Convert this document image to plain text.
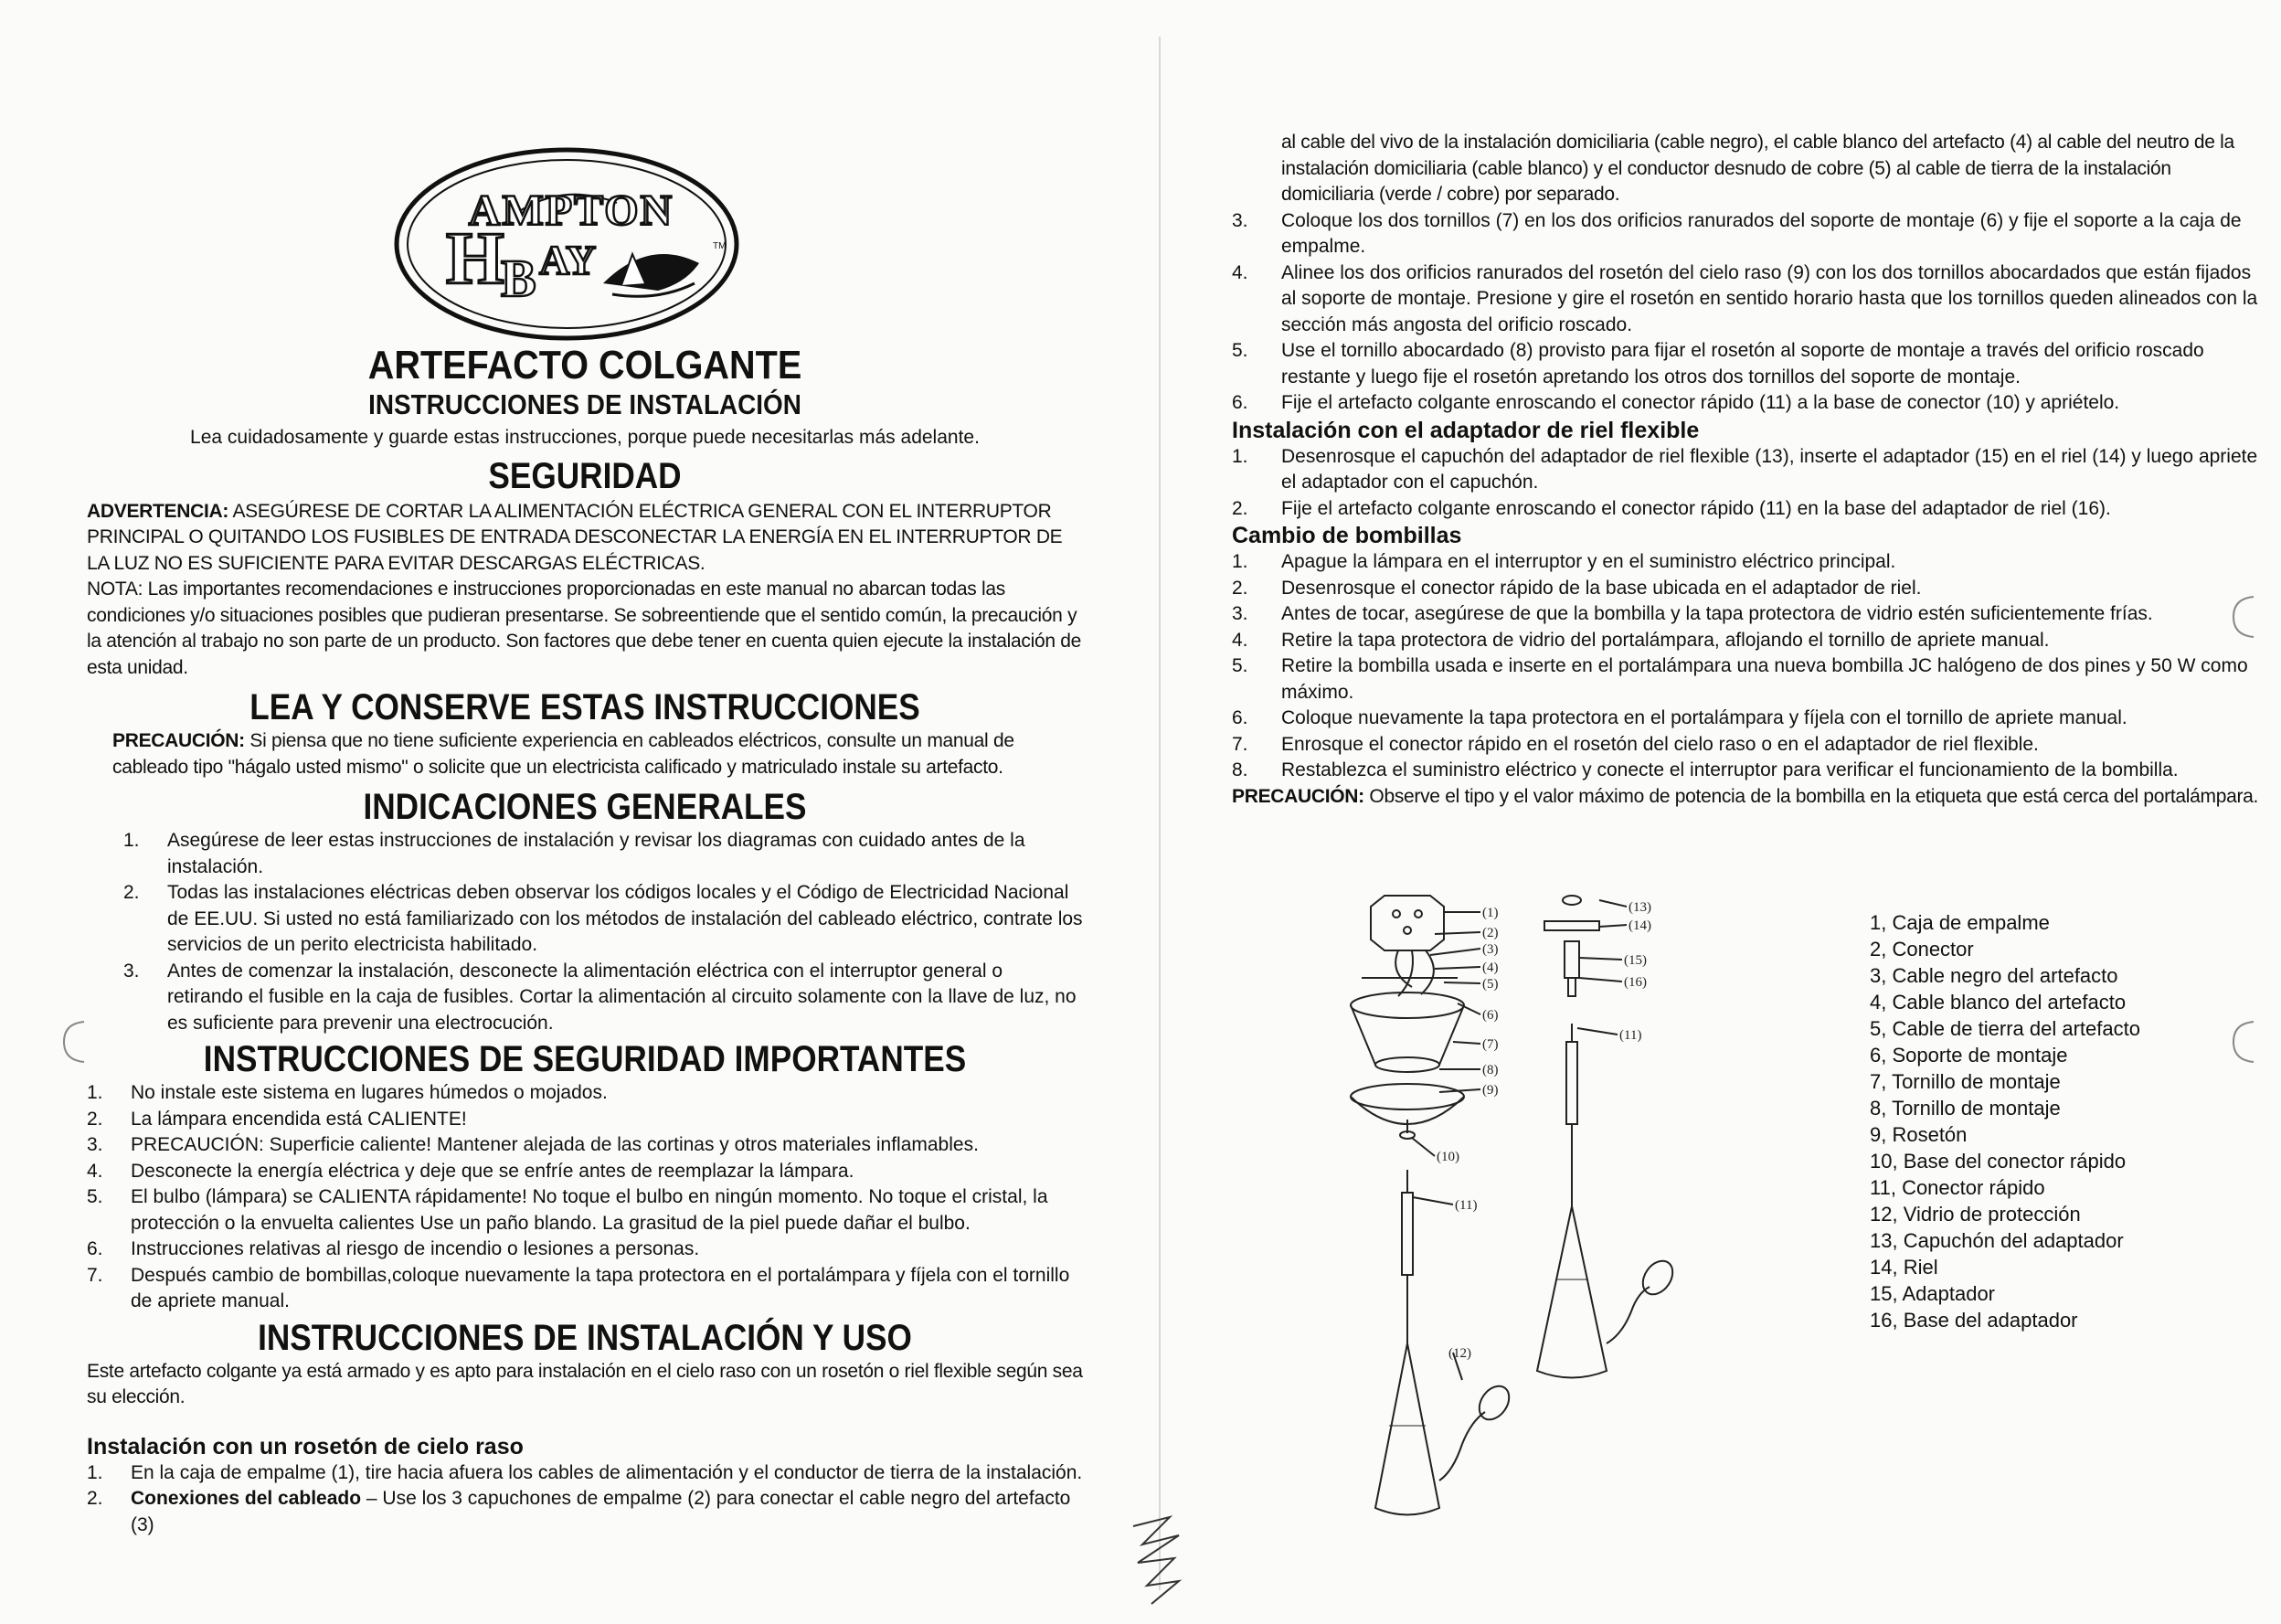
AMPTON
H
B AY	TM
ARTEFACTO COLGANTE
INSTRUCCIONES DE INSTALACIÓN

Lea cuidadosamente y guarde estas instrucciones, porque puede necesitarlas más adelante.

SEGURIDAD

ADVERTENCIA: ASEGÚRESE DE CORTAR LA ALIMENTACIÓN ELÉCTRICA GENERAL CON EL INTERRUPTOR PRINCIPAL O QUITANDO LOS FUSIBLES DE ENTRADA DESCONECTAR LA ENERGÍA EN EL INTERRUPTOR DE LA LUZ NO ES SUFICIENTE PARA EVITAR DESCARGAS ELÉCTRICAS.

NOTA: Las importantes recomendaciones e instrucciones proporcionadas en este manual no abarcan todas las condiciones y/o situaciones posibles que pudieran presentarse. Se sobreentiende que el sentido común, la precaución y la atención al trabajo no son parte de un producto. Son factores que debe tener en cuenta quien ejecute la instalación de esta unidad.

LEA Y CONSERVE ESTAS INSTRUCCIONES

PRECAUCIÓN: Si piensa que no tiene suficiente experiencia en cableados eléctricos, consulte un manual de cableado tipo "hágalo usted mismo" o solicite que un electricista calificado y matriculado instale su artefacto.

INDICACIONES GENERALES
1.	Asegúrese de leer estas instrucciones de instalación y revisar los diagramas con cuidado antes de la instalación.
2.	Todas las instalaciones eléctricas deben observar los códigos locales y el Código de Electricidad Nacional de EE.UU. Si usted no está familiarizado con los métodos de instalación del cableado eléctrico, contrate los servicios de un perito electricista habilitado.
3.	Antes de comenzar la instalación, desconecte la alimentación eléctrica con el interruptor general o retirando el fusible en la caja de fusibles. Cortar la alimentación al circuito solamente con la llave de luz, no es suficiente para prevenir una electrocución.
INSTRUCCIONES DE SEGURIDAD IMPORTANTES
1.	No instale este sistema en lugares húmedos o mojados.
2.	La lámpara encendida está CALIENTE!
3.	PRECAUCIÓN: Superficie caliente! Mantener alejada de las cortinas y otros materiales inflamables.
4.	Desconecte la energía eléctrica y deje que se enfríe antes de reemplazar la lámpara.
5.	El bulbo (lámpara) se CALIENTA rápidamente! No toque el bulbo en ningún momento. No toque el cristal, la protección o la envuelta calientes Use un paño blando. La grasitud de la piel puede dañar el bulbo.
6.	Instrucciones relativas al riesgo de incendio o lesiones a personas.
7.	Después cambio de bombillas,coloque nuevamente la tapa protectora en el portalámpara y fíjela con el tornillo de apriete manual.
INSTRUCCIONES DE INSTALACIÓN Y USO

Este artefacto colgante ya está armado y es apto para instalación en el cielo raso con un rosetón o riel flexible según sea su elección.

Instalación con un rosetón de cielo raso
1.	En la caja de empalme (1), tire hacia afuera los cables de alimentación y el conductor de tierra de la instalación.
2.	Conexiones del cableado – Use los 3 capuchones de empalme (2) para conectar el cable negro del artefacto (3)

al cable del vivo de la instalación domiciliaria (cable negro), el cable blanco del artefacto (4) al cable del neutro de la instalación domiciliaria (cable blanco) y el conductor desnudo de cobre (5) al cable de tierra de la instalación domiciliaria (verde / cobre) por separado.

3.	Coloque los dos tornillos (7) en los dos orificios ranurados del soporte de montaje (6) y fije el soporte a la caja de empalme.
4.	Alinee los dos orificios ranurados del rosetón del cielo raso (9) con los dos tornillos abocardados que están fijados al soporte de montaje. Presione y gire el rosetón en sentido horario hasta que los tornillos queden alineados con la sección más angosta del orificio roscado.
5.	Use el tornillo abocardado (8) provisto para fijar el rosetón al soporte de montaje a través del orificio roscado restante y luego fije el rosetón apretando los otros dos tornillos del soporte de montaje.
6.	Fije el artefacto colgante enroscando el conector rápido (11) a la base de conector (10) y apriételo.
Instalación con el adaptador de riel flexible
1.	Desenrosque el capuchón del adaptador de riel flexible (13), inserte el adaptador (15) en el riel (14) y luego apriete el adaptador con el capuchón.
2.	Fije el artefacto colgante enroscando el conector rápido (11) en la base del adaptador de riel (16).
Cambio de bombillas
1.	Apague la lámpara en el interruptor y en el suministro eléctrico principal.
2.	Desenrosque el conector rápido de la base ubicada en el adaptador de riel.
3.	Antes de tocar, asegúrese de que la bombilla y la tapa protectora de vidrio estén suficientemente frías.
4.	Retire la tapa protectora de vidrio del portalámpara, aflojando el tornillo de apriete manual.
5.	Retire la bombilla usada e inserte en el portalámpara una nueva bombilla JC halógeno de dos pines y 50 W como máximo.
6.	Coloque nuevamente la tapa protectora en el portalámpara y fíjela con el tornillo de apriete manual.
7.	Enrosque el conector rápido en el rosetón del cielo raso o en el adaptador de riel flexible.
8.	Restablezca el suministro eléctrico y conecte el interruptor para verificar el funcionamiento de la bombilla.

PRECAUCIÓN: Observe el tipo y el valor máximo de potencia de la bombilla en la etiqueta que está cerca del portalámpara.

(1)
(2)
(3)
(4)
(5)
(6)
(7)
(8)
(9)
(10)
(11)
(12)
(13)
(14)
(15)
(16)
(11)
1, Caja de empalme
2, Conector
3, Cable negro del artefacto
4, Cable blanco del artefacto
5, Cable de tierra del artefacto
6, Soporte de montaje
7, Tornillo de montaje
8, Tornillo de montaje
9, Rosetón
10, Base del conector rápido
11, Conector rápido
12, Vidrio de protección
13, Capuchón del adaptador
14, Riel
15, Adaptador
16, Base del adaptador
